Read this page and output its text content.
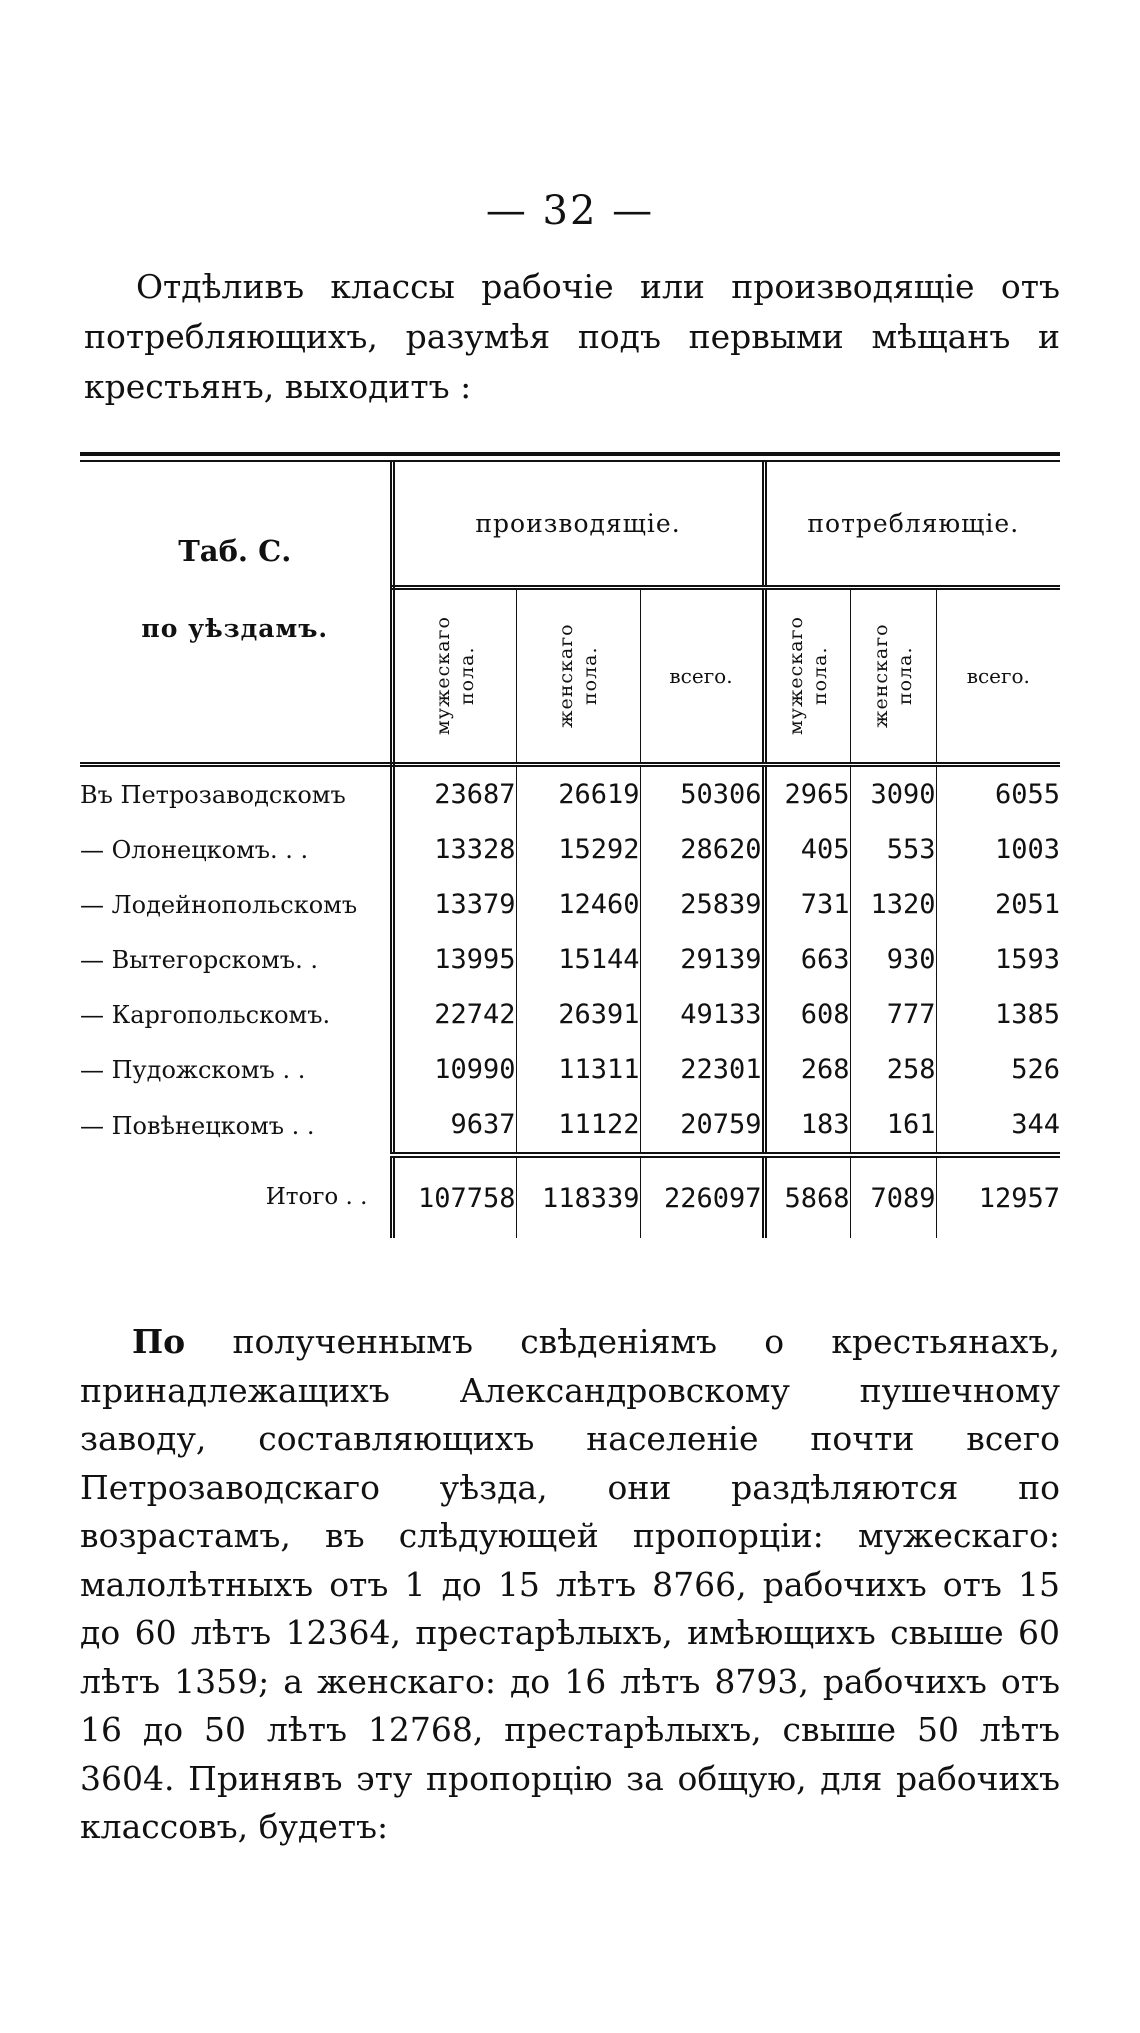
— 32 —

Отдѣливъ классы рабочіе или производящіе отъ потребляющихъ, разумѣя подъ первыми мѣщанъ и крестьянъ, выходитъ :

Таб. С.
по уѣздамъ.	производящіе.			потребляющіе.		

	мужескаго пола.	женскаго пола.	всего.	мужескаго пола.	женскаго пола.	всего.
Въ Петрозаводскомъ	23687	26619	50306	2965	3090	6055
— Олонецкомъ. . .	13328	15292	28620	405	553	1003
— Лодейнопольскомъ	13379	12460	25839	731	1320	2051
— Вытегорскомъ. .	13995	15144	29139	663	930	1593
— Каргопольскомъ.	22742	26391	49133	608	777	1385
— Пудожскомъ . .	10990	11311	22301	268	258	526
— Повѣнецкомъ . .	9637	11122	20759	183	161	344
Итого . .	107758	118339	226097	5868	7089	12957

По полученнымъ свѣденіямъ о крестьянахъ, принадлежащихъ Александровскому пушечному заводу, составляющихъ населеніе почти всего Петрозаводскаго уѣзда, они раздѣляются по возрастамъ, въ слѣдующей пропорціи: мужескаго: малолѣтныхъ отъ 1 до 15 лѣтъ 8766, рабочихъ отъ 15 до 60 лѣтъ 12364, престарѣлыхъ, имѣющихъ свыше 60 лѣтъ 1359; а женскаго: до 16 лѣтъ 8793, рабочихъ отъ 16 до 50 лѣтъ 12768, престарѣлыхъ, свыше 50 лѣтъ 3604. Принявъ эту пропорцію за общую, для рабочихъ классовъ, будетъ:
